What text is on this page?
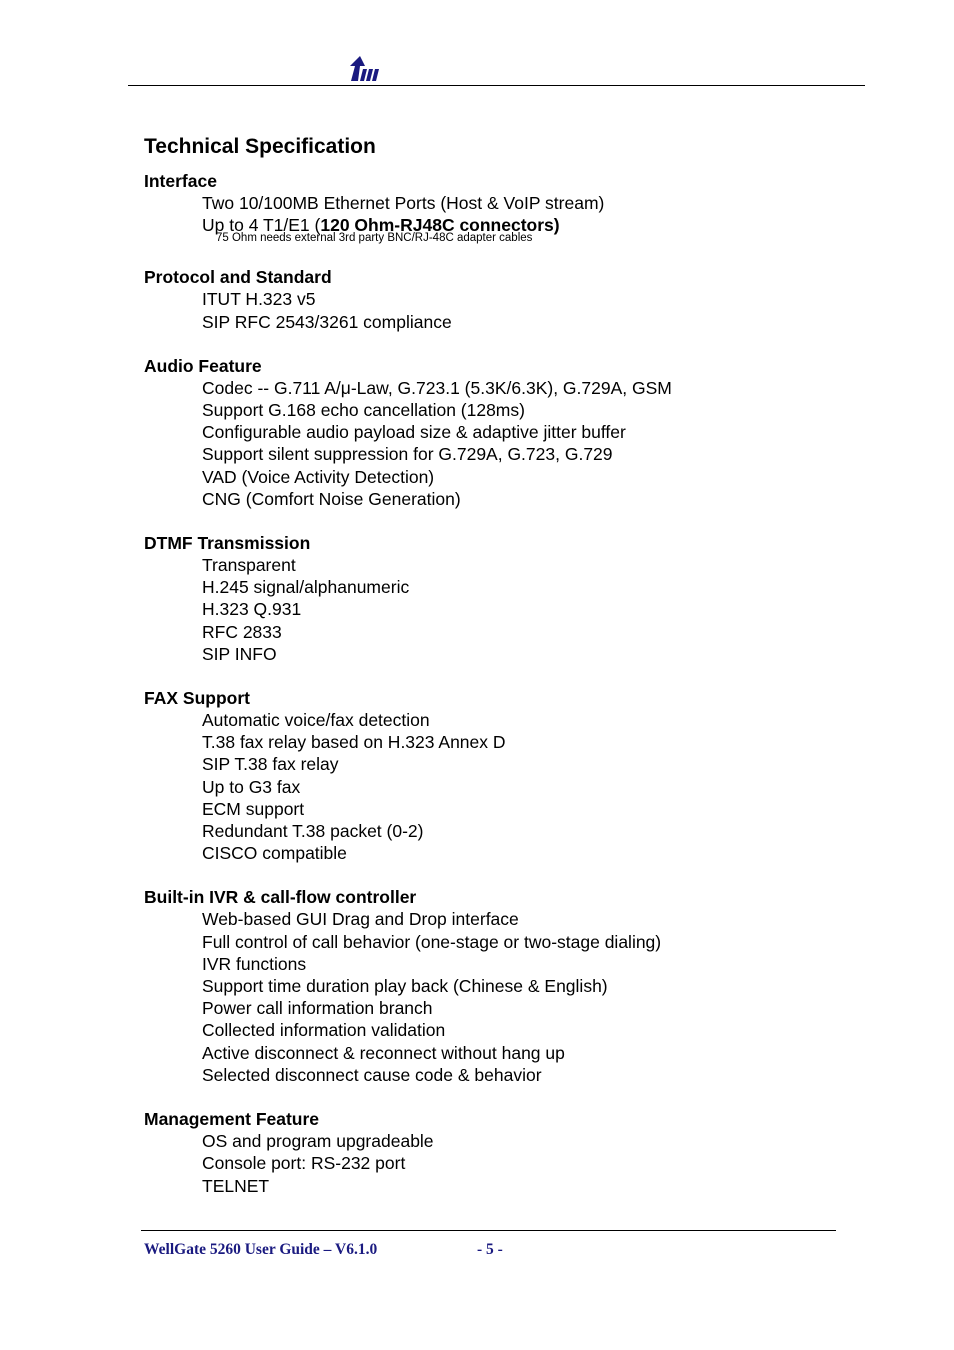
Technical Specification
Interface
Two 10/100MB Ethernet Ports (Host & VoIP stream)
Up to 4 T1/E1 (120 Ohm-RJ48C connectors)
75 Ohm needs external 3rd party BNC/RJ-48C adapter cables
Protocol and Standard
ITUT H.323 v5
SIP RFC 2543/3261 compliance
Audio Feature
Codec -- G.711 A/μ-Law, G.723.1 (5.3K/6.3K), G.729A, GSM
Support G.168 echo cancellation (128ms)
Configurable audio payload size & adaptive jitter buffer
Support silent suppression for G.729A, G.723, G.729
VAD (Voice Activity Detection)
CNG (Comfort Noise Generation)
DTMF Transmission
Transparent
H.245 signal/alphanumeric
H.323 Q.931
RFC 2833
SIP INFO
FAX Support
Automatic voice/fax detection
T.38 fax relay based on H.323 Annex D
SIP T.38 fax relay
Up to G3 fax
ECM support
Redundant T.38 packet (0-2)
CISCO compatible
Built-in IVR & call-flow controller
Web-based GUI Drag and Drop interface
Full control of call behavior (one-stage or two-stage dialing)
IVR functions
Support time duration play back (Chinese & English)
Power call information branch
Collected information validation
Active disconnect & reconnect without hang up
Selected disconnect cause code & behavior
Management Feature
OS and program upgradeable
Console port: RS-232 port
TELNET
WellGate 5260 User Guide – V6.1.0	- 5 -
